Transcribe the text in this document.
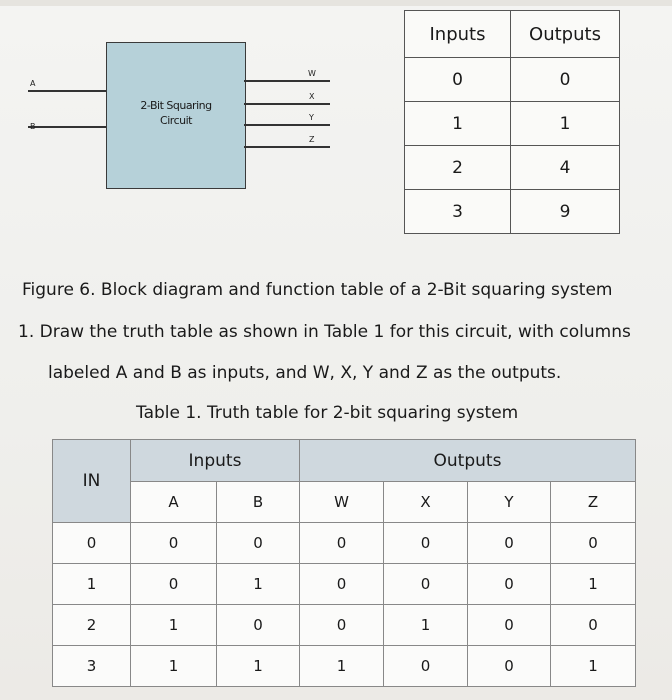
A
B
2-Bit Squaring
Circuit
W
X
Y
Z
Inputs	Outputs
0	0
1	1
2	4
3	9
Figure 6. Block diagram and function table of a 2-Bit squaring system
1. Draw the truth table as shown in Table 1 for this circuit, with columns
labeled A and B as inputs, and W, X, Y and Z as the outputs.
Table 1. Truth table for 2-bit squaring system
IN	Inputs		Outputs			
	A	B	W	X	Y	Z
0	0	0	0	0	0	0
1	0	1	0	0	0	1
2	1	0	0	1	0	0
3	1	1	1	0	0	1
